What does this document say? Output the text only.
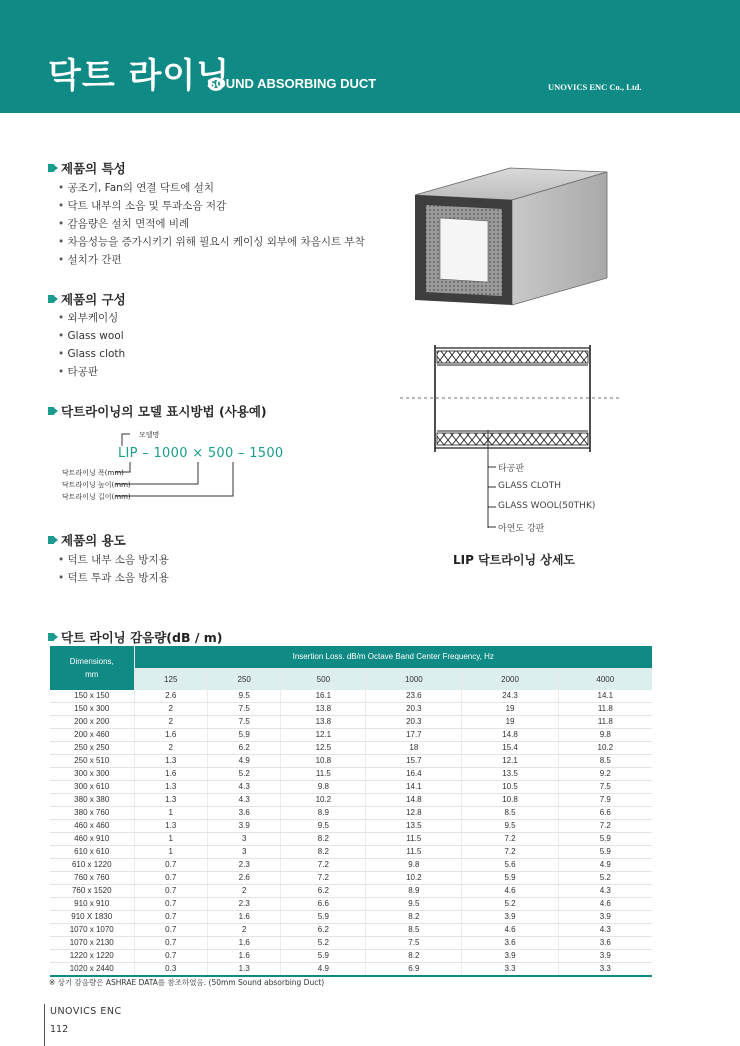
닥트 라이닝
SOUND ABSORBING DUCT	UNOVICS ENC Co., Ltd.
제품의 특성
• 공조기, Fan의 연결 닥트에 설치
• 닥트 내부의 소음 및 투과소음 저감
• 감음량은 설치 면적에 비례
• 차음성능을 증가시키기 위해 필요시 케이싱 외부에 차음시트 부착
• 설치가 간편
제품의 구성
• 외부케이싱
• Glass wool
• Glass cloth
• 타공판
닥트라이닝의 모델 표시방법 (사용예)
모델명
LIP – 1000 × 500 – 1500
닥트라이닝 폭(mm)
닥트라이닝 높이(mm)
닥트라이닝 길이(mm)
제품의 용도
• 덕트 내부 소음 방지용
• 덕트 투과 소음 방지용
타공판
GLASS CLOTH
GLASS WOOL(50THK)
아연도 강판
LIP 닥트라이닝 상세도
닥트 라이닝 감음량(dB / m)
Dimensions,
mm	Insertion Loss. dB/m Octave Band Center Frequency, Hz					
	125	250	500	1000	2000	4000
150 x 150	2.6	9.5	16.1	23.6	24.3	14.1
150 x 300	2	7.5	13.8	20.3	19	11.8
200 x 200	2	7.5	13.8	20.3	19	11.8
200 x 460	1.6	5.9	12.1	17.7	14.8	9.8
250 x 250	2	6.2	12.5	18	15.4	10.2
250 x 510	1.3	4.9	10.8	15.7	12.1	8.5
300 x 300	1.6	5.2	11.5	16.4	13.5	9.2
300 x 610	1.3	4.3	9.8	14.1	10.5	7.5
380 x 380	1.3	4.3	10.2	14.8	10.8	7.9
380 x 760	1	3.6	8.9	12.8	8.5	6.6
460 x 460	1.3	3.9	9.5	13.5	9.5	7.2
460 x 910	1	3	8.2	11.5	7.2	5.9
610 x 610	1	3	8.2	11.5	7.2	5.9
610 x 1220	0.7	2.3	7.2	9.8	5.6	4.9
760 x 760	0.7	2.6	7.2	10.2	5.9	5.2
760 x 1520	0.7	2	6.2	8.9	4.6	4.3
910 x 910	0.7	2.3	6.6	9.5	5.2	4.6
910 X 1830	0.7	1.6	5.9	8.2	3.9	3.9
1070 x 1070	0.7	2	6.2	8.5	4.6	4.3
1070 x 2130	0.7	1.6	5.2	7.5	3.6	3.6
1220 x 1220	0.7	1.6	5.9	8.2	3.9	3.9
1020 x 2440	0.3	1.3	4.9	6.9	3.3	3.3
※ 상기 감음량은 ASHRAE DATA를 참조하였음. (50mm Sound absorbing Duct)
UNOVICS ENC
112
